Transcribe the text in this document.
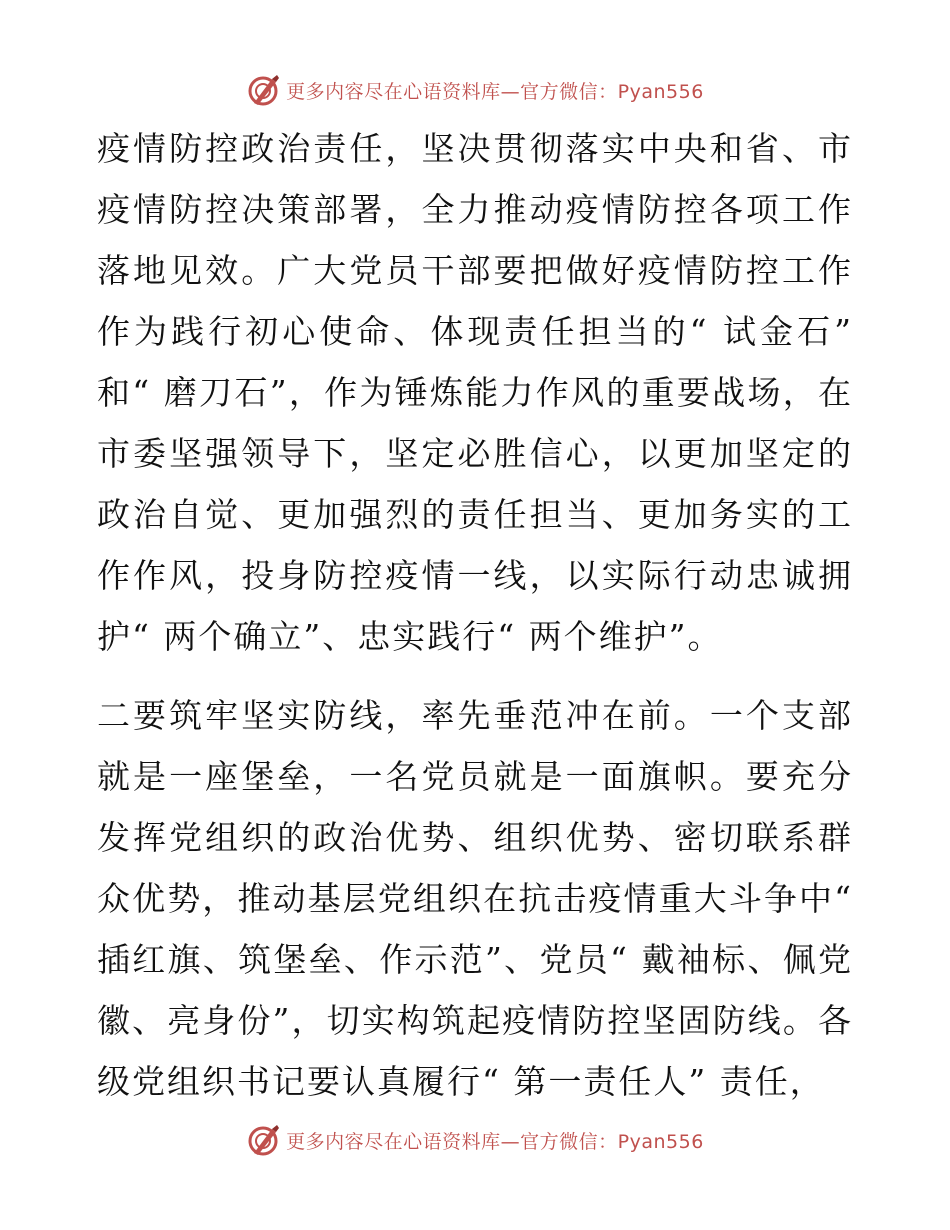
更多内容尽在心语资料库—官方微信：Pyan556

疫情防控政治责任，坚决贯彻落实中央和省、市疫情防控决策部署，全力推动疫情防控各项工作落地见效。广大党员干部要把做好疫情防控工作作为践行初心使命、体现责任担当的“ 试金石” 和“ 磨刀石”，作为锤炼能力作风的重要战场，在市委坚强领导下，坚定必胜信心，以更加坚定的政治自觉、更加强烈的责任担当、更加务实的工作作风，投身防控疫情一线，以实际行动忠诚拥护“ 两个确立”、忠实践行“ 两个维护”。

二要筑牢坚实防线，率先垂范冲在前。一个支部就是一座堡垒，一名党员就是一面旗帜。要充分发挥党组织的政治优势、组织优势、密切联系群众优势，推动基层党组织在抗击疫情重大斗争中“ 插红旗、筑堡垒、作示范”、党员“ 戴袖标、佩党徽、亮身份”，切实构筑起疫情防控坚固防线。各级党组织书记要认真履行“ 第一责任人” 责任，

更多内容尽在心语资料库—官方微信：Pyan556
